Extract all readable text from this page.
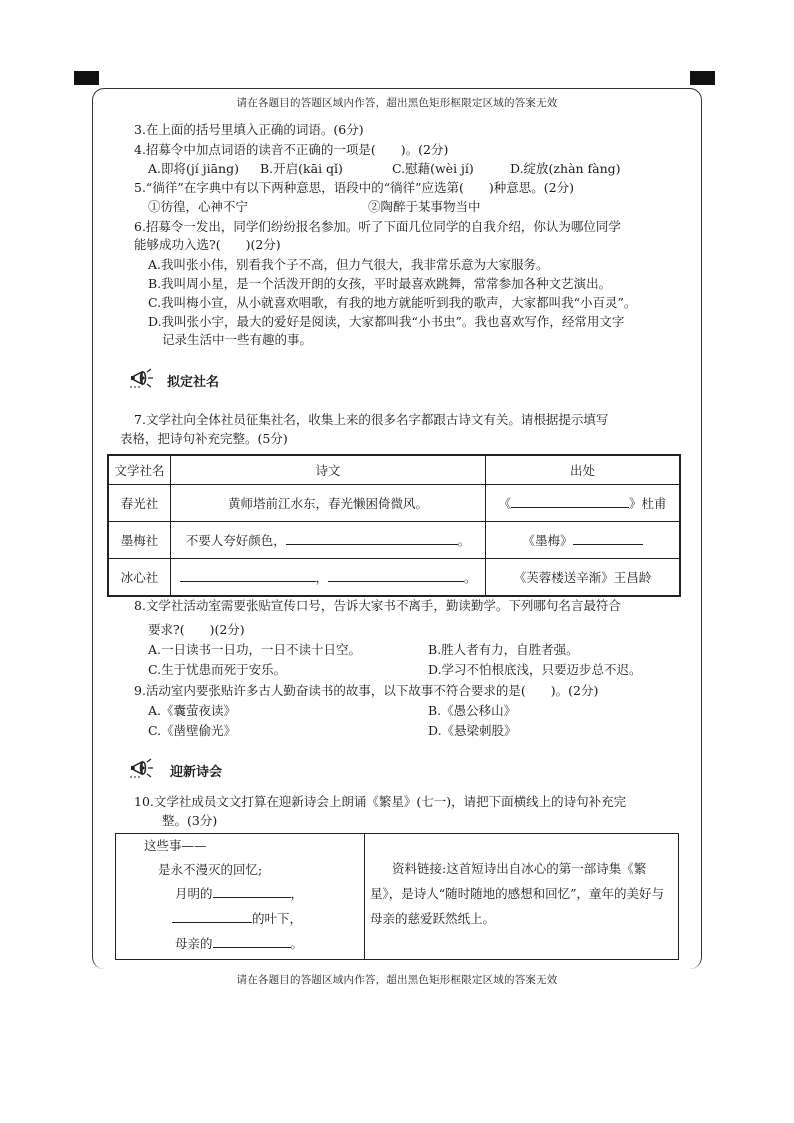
请在各题目的答题区域内作答，超出黑色矩形框限定区域的答案无效
3.在上面的括号里填入正确的词语。(6分)
4.招募令中加点词语的读音不正确的一项是(　　)。(2分)
A.即将(jí jiāng) B.开启(kāi qǐ)	C.慰藉(wèi jí)	D.绽放(zhàn fàng)
5.“徜徉”在字典中有以下两种意思，语段中的“徜徉”应选第(　　)种意思。(2分)
①彷徨，心神不宁	②陶醉于某事物当中
6.招募令一发出，同学们纷纷报名参加。听了下面几位同学的自我介绍，你认为哪位同学
能够成功入选?(　　)(2分)
A.我叫张小伟，别看我个子不高，但力气很大，我非常乐意为大家服务。
B.我叫周小星，是一个活泼开朗的女孩，平时最喜欢跳舞，常常参加各种文艺演出。
C.我叫梅小宣，从小就喜欢唱歌，有我的地方就能听到我的歌声，大家都叫我“小百灵”。
D.我叫张小宇，最大的爱好是阅读，大家都叫我“小书虫”。我也喜欢写作，经常用文字
记录生活中一些有趣的事。
拟定社名
7.文学社向全体社员征集社名，收集上来的很多名字都跟古诗文有关。请根据提示填写
表格，把诗句补充完整。(5分)
文学社名	诗文	出处
春光社	黄师塔前江水东，春光懒困倚微风。	《 》杜甫
墨梅社	不要人夸好颜色， 。	《墨梅》
冰心社	， 。	《芙蓉楼送辛渐》王昌龄
8.文学社活动室需要张贴宣传口号，告诉大家书不离手，勤读勤学。下列哪句名言最符合
要求?(　　)(2分)
A.一日读书一日功，一日不读十日空。	B.胜人者有力，自胜者强。
C.生于忧患而死于安乐。	D.学习不怕根底浅，只要迈步总不迟。
9.活动室内要张贴许多古人勤奋读书的故事，以下故事不符合要求的是(　　)。(2分)
A.《囊萤夜读》	B.《愚公移山》
C.《凿壁偷光》	D.《悬梁刺股》
迎新诗会
10.文学社成员文文打算在迎新诗会上朗诵《繁星》(七一)，请把下面横线上的诗句补充完
整。(3分)
这些事——
是永不漫灭的回忆;
月明的	，
的叶下，
母亲的	。
资料链接:这首短诗出自冰心的第一部诗集《繁
星》，是诗人“随时随地的感想和回忆”，童年的美好与
母亲的慈爱跃然纸上。
请在各题目的答题区域内作答，超出黑色矩形框限定区域的答案无效
